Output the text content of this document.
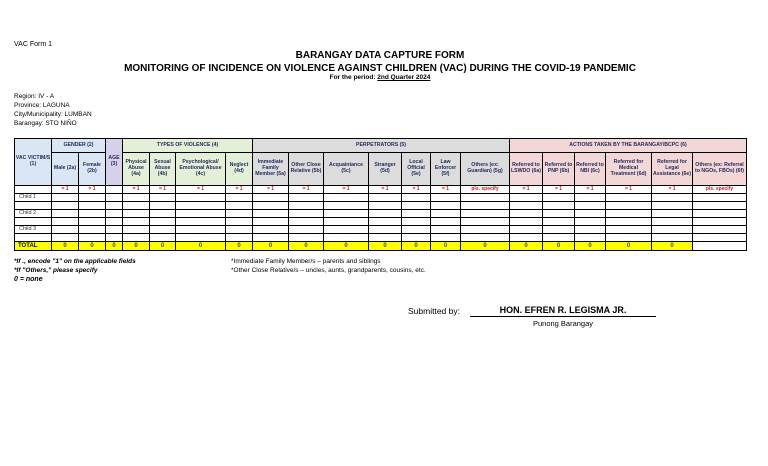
VAC Form 1
BARANGAY DATA CAPTURE FORM
MONITORING OF INCIDENCE ON VIOLENCE AGAINST CHILDREN (VAC) DURING THE COVID-19 PANDEMIC
For the period: 2nd Quarter 2024
Region: IV - A
Province: LAGUNA
City/Municipality: LUMBAN
Barangay: STO NIÑO
VAC VICTIM/S (1)	GENDER (2)		AGE (3)	TYPES OF VIOLENCE (4)				PERPETRATORS (5)							ACTIONS TAKEN BY THE BARANGAY/BCPC (6)					
	Male (2a)	Female (2b)		Physical Abuse (4a)	Sexual Abuse (4b)	Psychological/ Emotional Abuse (4c)	Neglect (4d)	Immediate Family Member (5a)	Other Close Relative (5b)	Acquaintance (5c)	Stranger (5d)	Local Official (5e)	Law Enforcer (5f)	Others (ex: Guardian) (5g)	Referred to LSWDO (6a)	Referred to PNP (6b)	Referred to NBI (6c)	Referred for Medical Treatment (6d)	Referred for Legal Assistance (6e)	Others (ex: Referral to NGOs, FBOs) (6f)
	= 1	= 1		= 1	= 1	= 1	= 1	= 1	= 1	= 1	= 1	= 1	= 1	pls. specify	= 1	= 1	= 1	= 1	= 1	pls. specify
Child 1																				

Child 2																				

Child 3																				

TOTAL	0	0	0	0	0	0	0	0	0	0	0	0	0	0	0	0	0	0	0	
*If ., encode "1" on the applicable fields
*If "Others," please specify
0 = none
*Immediate Family Member/s – parents and siblings
*Other Close Relative/s – uncles, aunts, grandparents, cousins, etc.
Submitted by:	HON. EFREN R. LEGISMA JR.
Punong Barangay
